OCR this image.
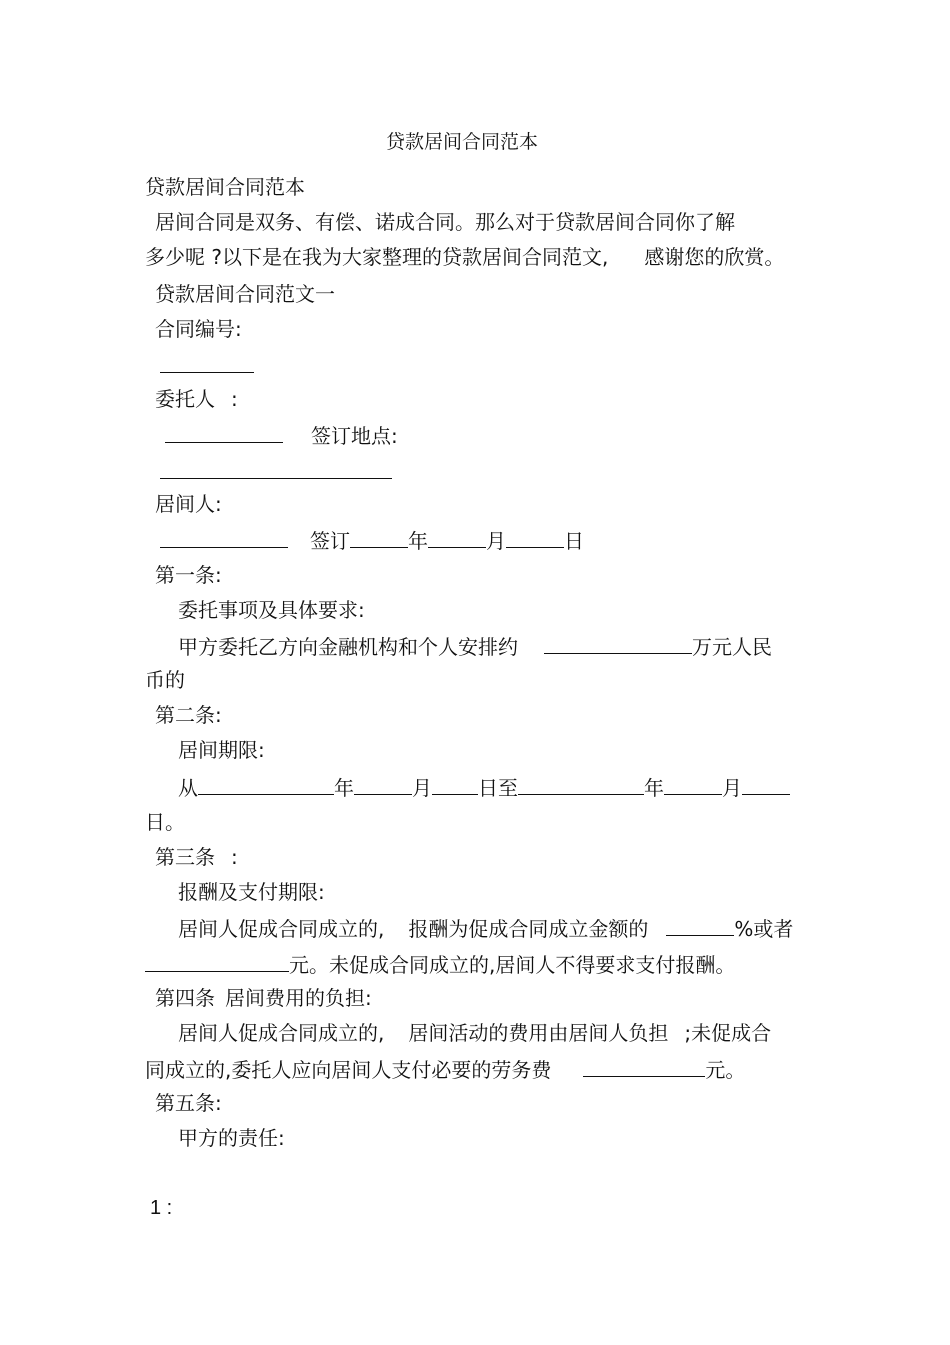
贷款居间合同范本
贷款居间合同范本
居间合同是双务、有偿、诺成合同。那么对于贷款居间合同你了解
多少呢 ?以下是在我为大家整理的贷款居间合同范文, 感谢您的欣赏。
贷款居间合同范文一
合同编号:
委托人 :
签订地点:
居间人:
签订	年	月	日
第一条:
委托事项及具体要求:
甲方委托乙方向金融机构和个人安排约	万元人民
币的
第二条:
居间期限:
从	年	月 日至	年	月
日。
第三条 :
报酬及支付期限:
居间人促成合同成立的, 报酬为促成合同成立金额的	%或者
元。未促成合同成立的,居间人不得要求支付报酬。
第四条 居间费用的负担:
居间人促成合同成立的, 居间活动的费用由居间人负担 ;未促成合
同成立的,委托人应向居间人支付必要的劳务费	元。
第五条:
甲方的责任:
1 :
